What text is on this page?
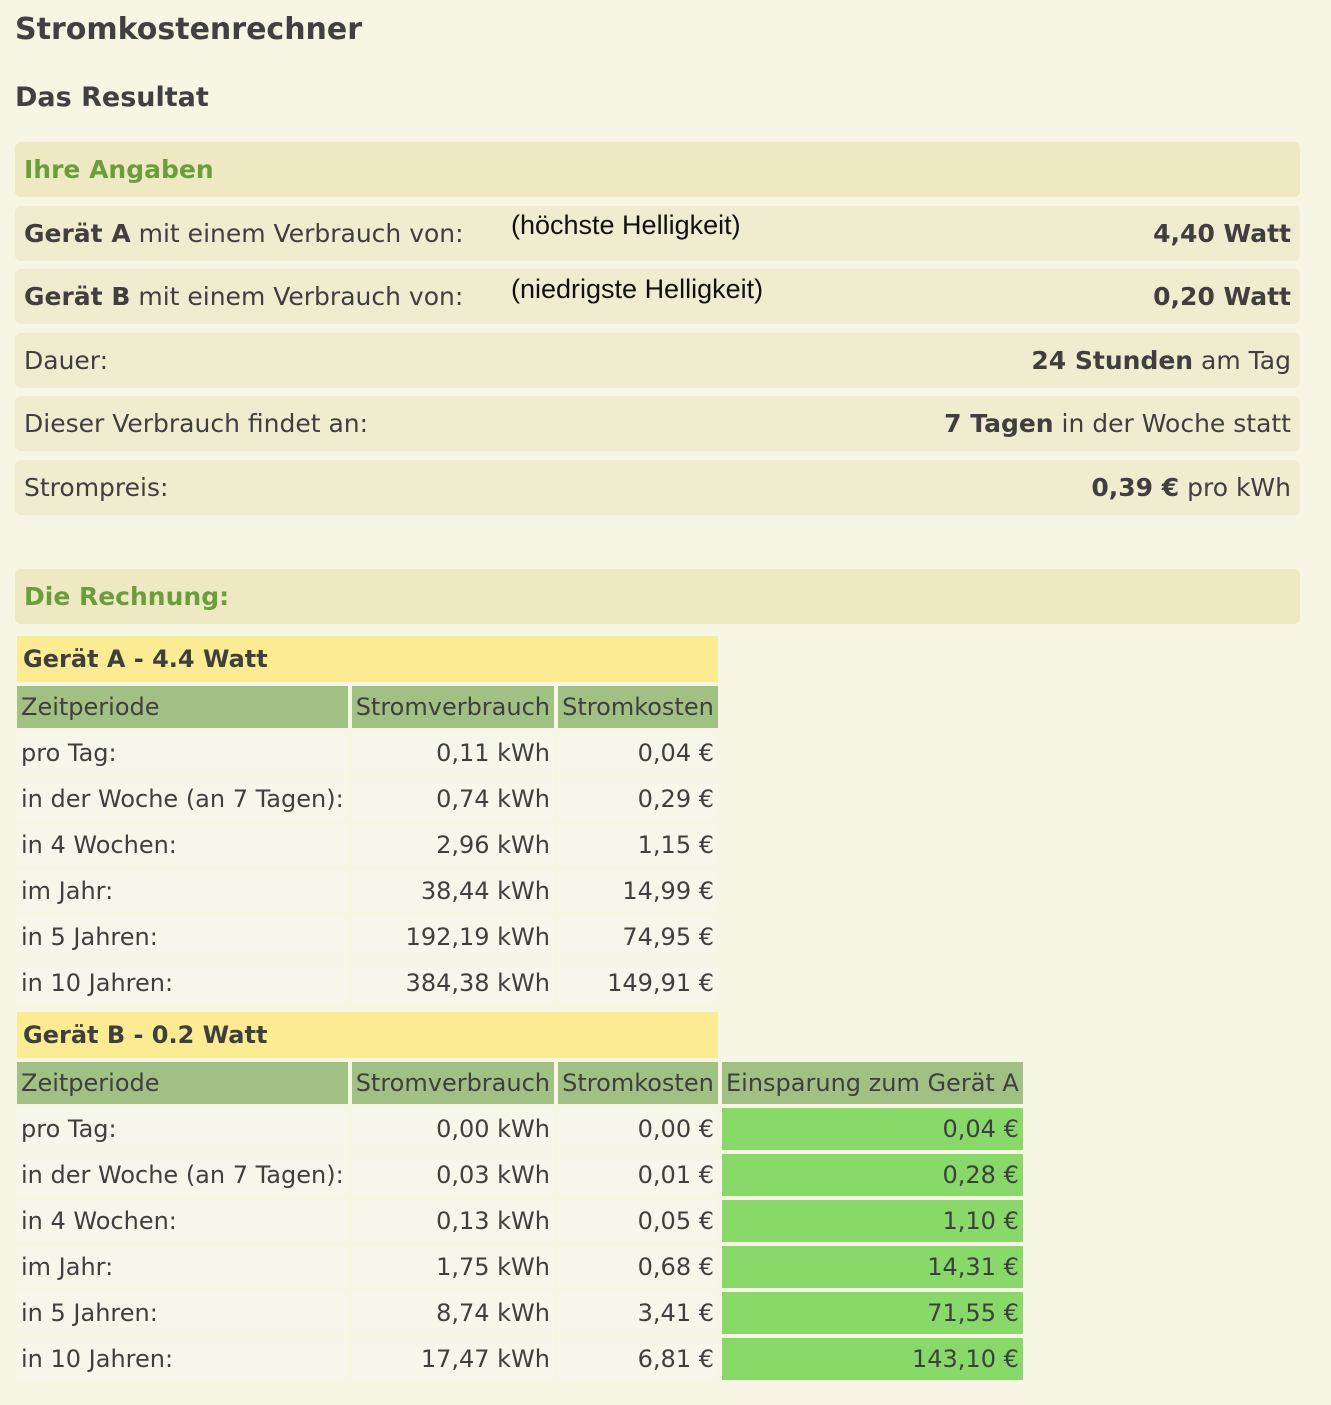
Stromkostenrechner
Das Resultat
Ihre Angaben
Gerät A mit einem Verbrauch von: (höchste Helligkeit)	4,40 Watt
Gerät B mit einem Verbrauch von: (niedrigste Helligkeit)	0,20 Watt
Dauer:	24 Stunden am Tag
Dieser Verbrauch findet an:	7 Tagen in der Woche statt
Strompreis:	0,39 € pro kWh
Die Rechnung:
Gerät A - 4.4 Watt		
Zeitperiode	Stromverbrauch	Stromkosten
pro Tag:	0,11 kWh	0,04 €
in der Woche (an 7 Tagen):	0,74 kWh	0,29 €
in 4 Wochen:	2,96 kWh	1,15 €
im Jahr:	38,44 kWh	14,99 €
in 5 Jahren:	192,19 kWh	74,95 €
in 10 Jahren:	384,38 kWh	149,91 €
Gerät B - 0.2 Watt			
Zeitperiode	Stromverbrauch	Stromkosten	Einsparung zum Gerät A
pro Tag:	0,00 kWh	0,00 €	0,04 €
in der Woche (an 7 Tagen):	0,03 kWh	0,01 €	0,28 €
in 4 Wochen:	0,13 kWh	0,05 €	1,10 €
im Jahr:	1,75 kWh	0,68 €	14,31 €
in 5 Jahren:	8,74 kWh	3,41 €	71,55 €
in 10 Jahren:	17,47 kWh	6,81 €	143,10 €
